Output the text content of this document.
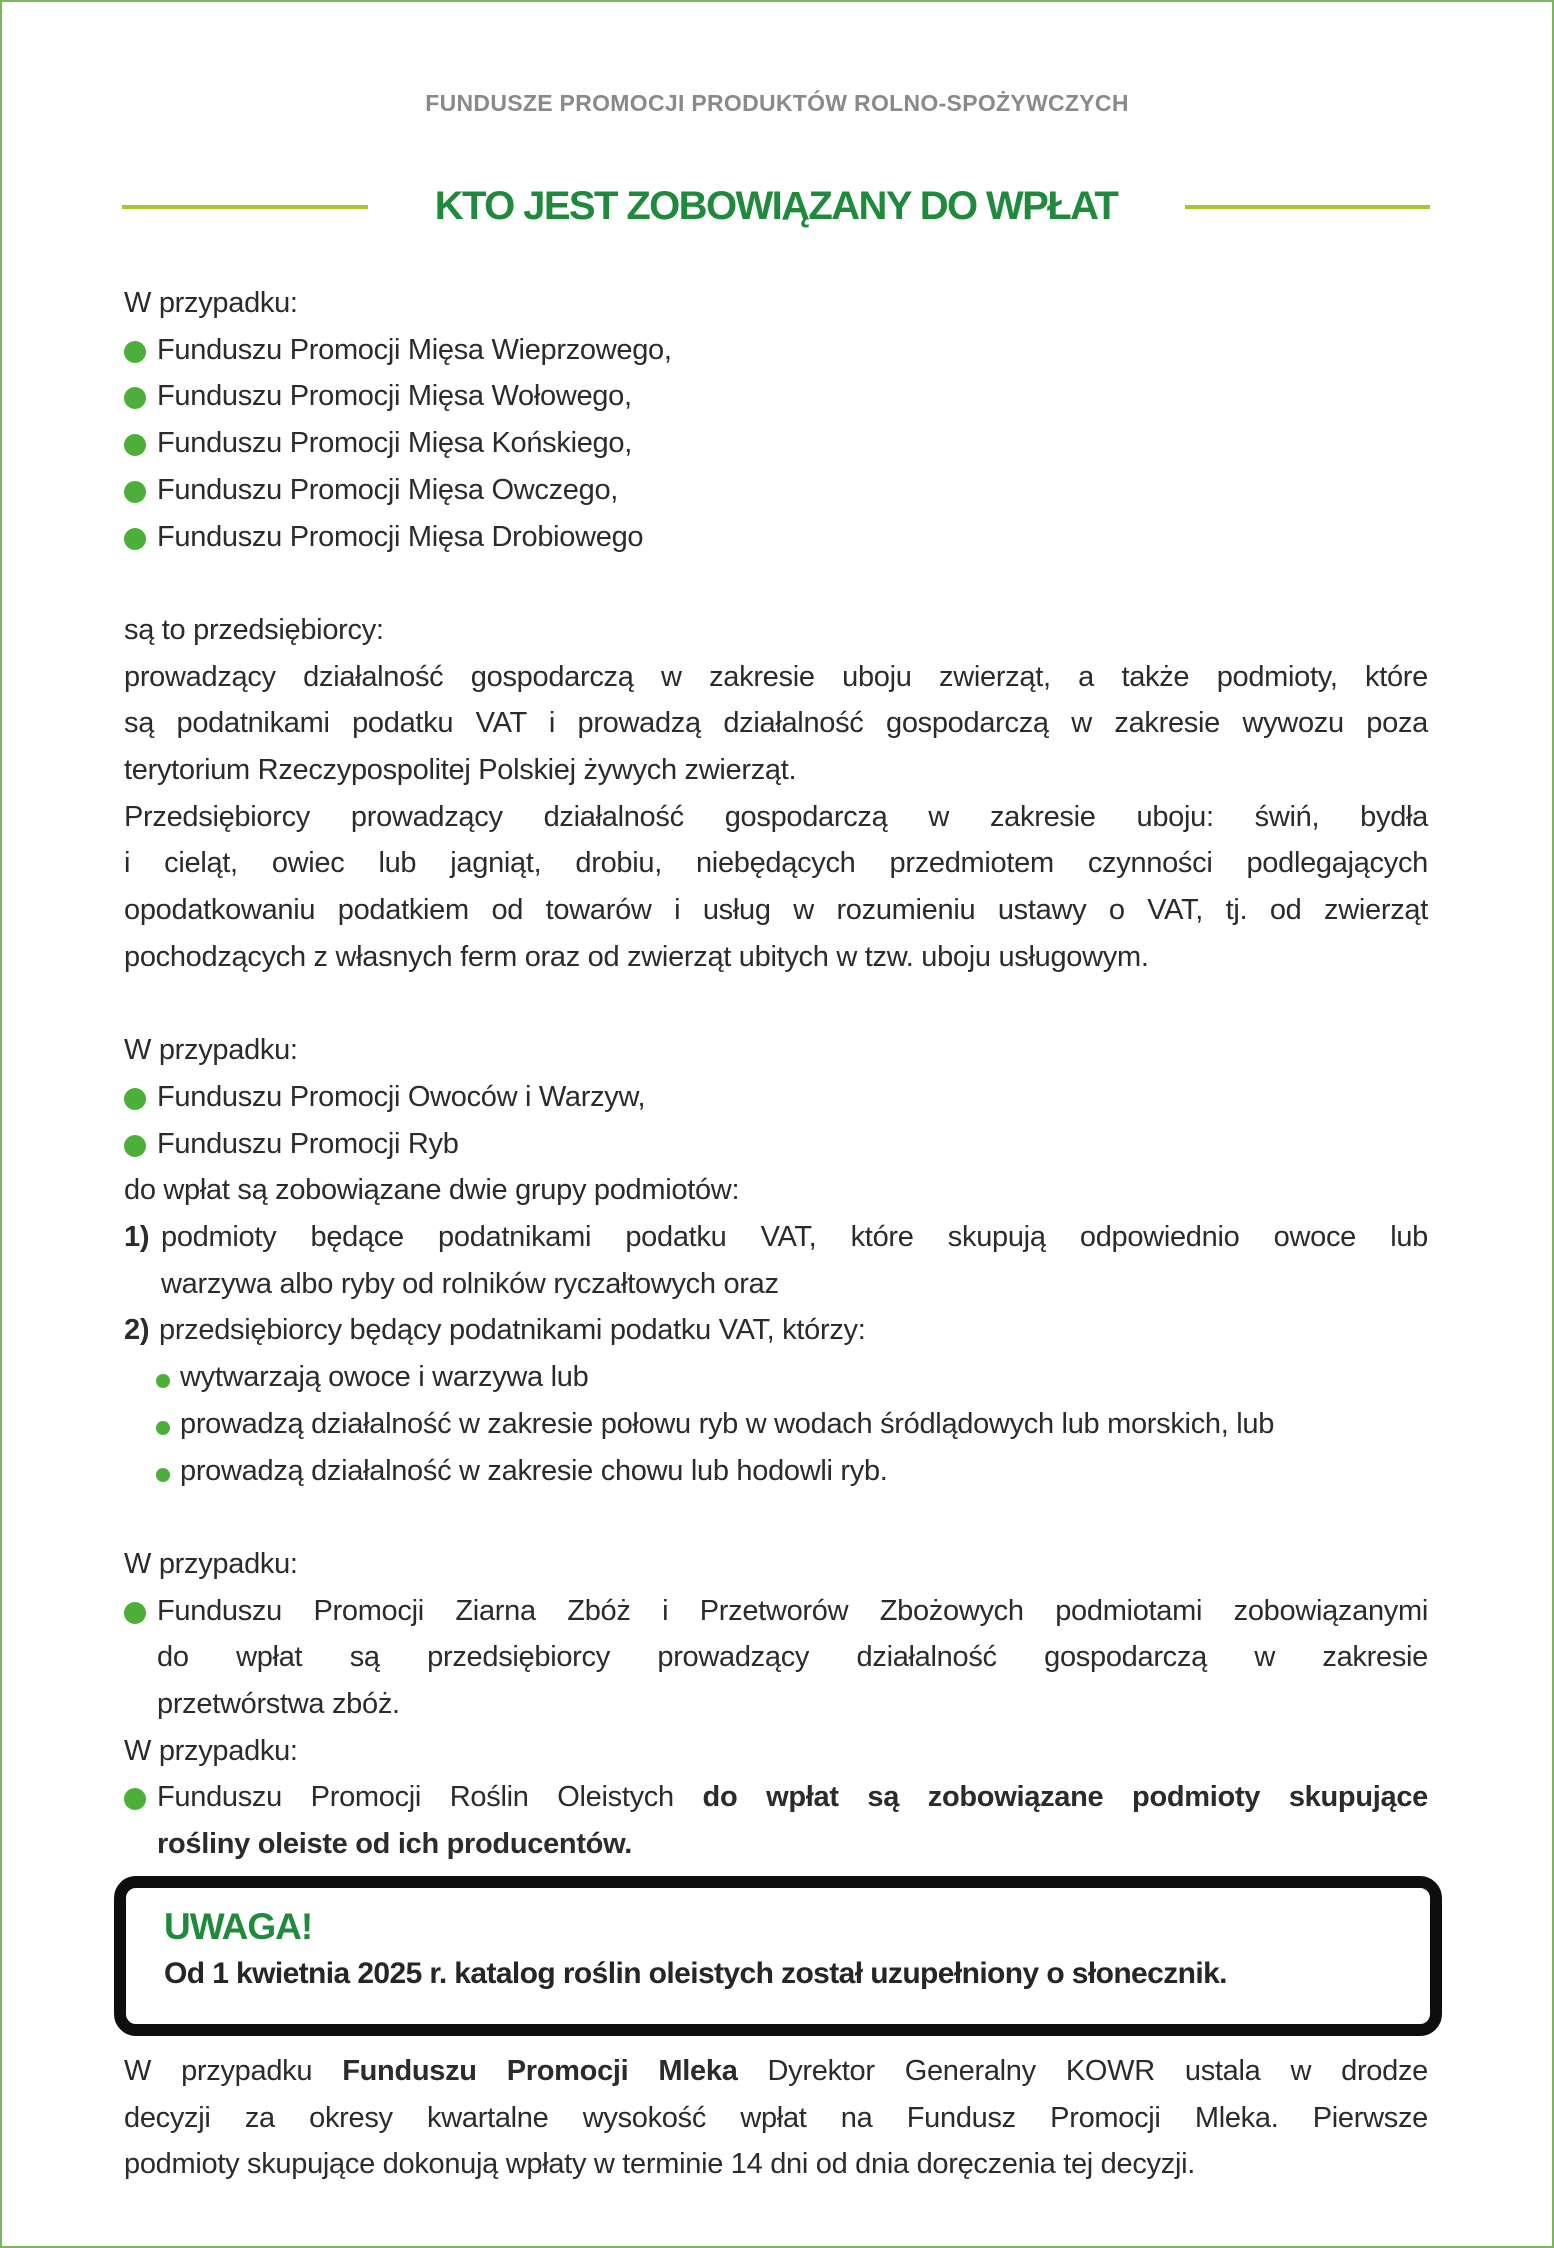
FUNDUSZE PROMOCJI PRODUKTÓW ROLNO-SPOŻYWCZYCH
KTO JEST ZOBOWIĄZANY DO WPŁAT
W przypadku:
Funduszu Promocji Mięsa Wieprzowego,
Funduszu Promocji Mięsa Wołowego,
Funduszu Promocji Mięsa Końskiego,
Funduszu Promocji Mięsa Owczego,
Funduszu Promocji Mięsa Drobiowego
są to przedsiębiorcy:
prowadzący działalność gospodarczą w zakresie uboju zwierząt, a także podmioty, które
są podatnikami podatku VAT i prowadzą działalność gospodarczą w zakresie wywozu poza
terytorium Rzeczypospolitej Polskiej żywych zwierząt.
Przedsiębiorcy prowadzący działalność gospodarczą w zakresie uboju: świń, bydła
i cieląt, owiec lub jagniąt, drobiu, niebędących przedmiotem czynności podlegających
opodatkowaniu podatkiem od towarów i usług w rozumieniu ustawy o VAT, tj. od zwierząt
pochodzących z własnych ferm oraz od zwierząt ubitych w tzw. uboju usługowym.
W przypadku:
Funduszu Promocji Owoców i Warzyw,
Funduszu Promocji Ryb
do wpłat są zobowiązane dwie grupy podmiotów:
1) podmioty będące podatnikami podatku VAT, które skupują odpowiednio owoce lub
warzywa albo ryby od rolników ryczałtowych oraz
2) przedsiębiorcy będący podatnikami podatku VAT, którzy:
wytwarzają owoce i warzywa lub
prowadzą działalność w zakresie połowu ryb w wodach śródlądowych lub morskich, lub
prowadzą działalność w zakresie chowu lub hodowli ryb.
W przypadku:
Funduszu Promocji Ziarna Zbóż i Przetworów Zbożowych podmiotami zobowiązanymi
do wpłat są przedsiębiorcy prowadzący działalność gospodarczą w zakresie
przetwórstwa zbóż.
W przypadku:
Funduszu Promocji Roślin Oleistych do wpłat są zobowiązane podmioty skupujące
rośliny oleiste od ich producentów.
UWAGA!
Od 1 kwietnia 2025 r. katalog roślin oleistych został uzupełniony o słonecznik.
W przypadku Funduszu Promocji Mleka Dyrektor Generalny KOWR ustala w drodze
decyzji za okresy kwartalne wysokość wpłat na Fundusz Promocji Mleka. Pierwsze
podmioty skupujące dokonują wpłaty w terminie 14 dni od dnia doręczenia tej decyzji.
